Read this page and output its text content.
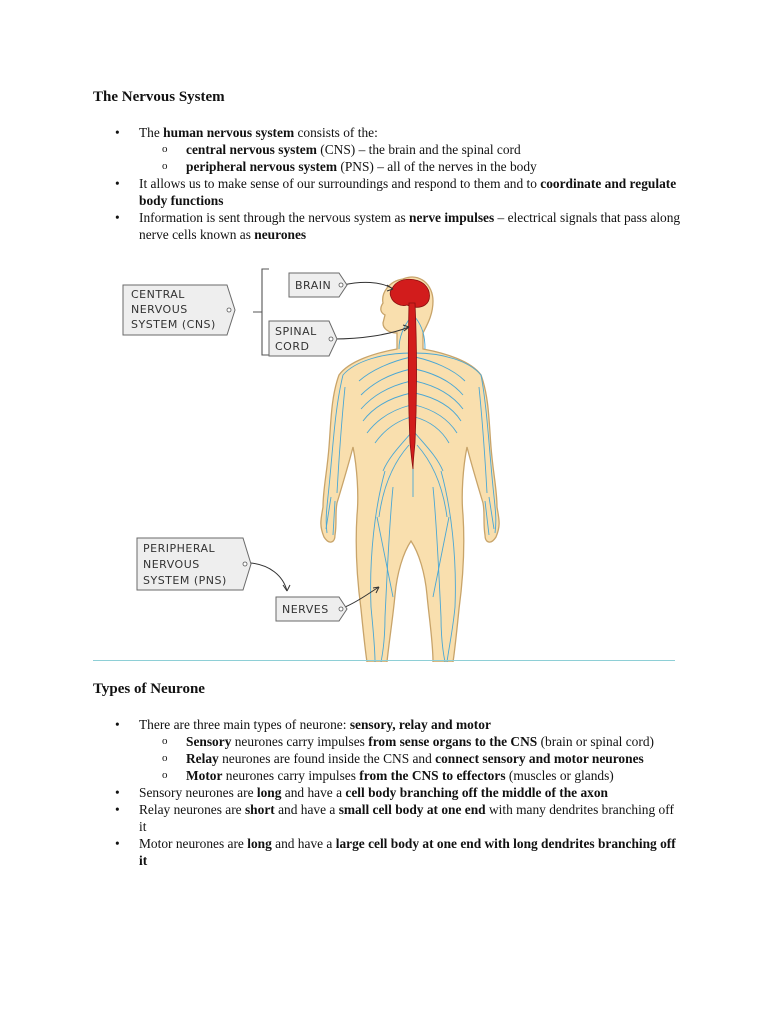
The Nervous System
• The human nervous system consists of the:
o central nervous system (CNS) – the brain and the spinal cord
o peripheral nervous system (PNS) – all of the nerves in the body
• It allows us to make sense of our surroundings and respond to them and to coordinate and regulate body functions
• Information is sent through the nervous system as nerve impulses – electrical signals that pass along nerve cells known as neurones
CENTRAL
NERVOUS
SYSTEM (CNS)
BRAIN
SPINAL
CORD
PERIPHERAL
NERVOUS
SYSTEM (PNS)
NERVES
Types of Neurone
• There are three main types of neurone: sensory, relay and motor
o Sensory neurones carry impulses from sense organs to the CNS (brain or spinal cord)
o Relay neurones are found inside the CNS and connect sensory and motor neurones
o Motor neurones carry impulses from the CNS to effectors (muscles or glands)
• Sensory neurones are long and have a cell body branching off the middle of the axon
• Relay neurones are short and have a small cell body at one end with many dendrites branching off it
• Motor neurones are long and have a large cell body at one end with long dendrites branching off it
